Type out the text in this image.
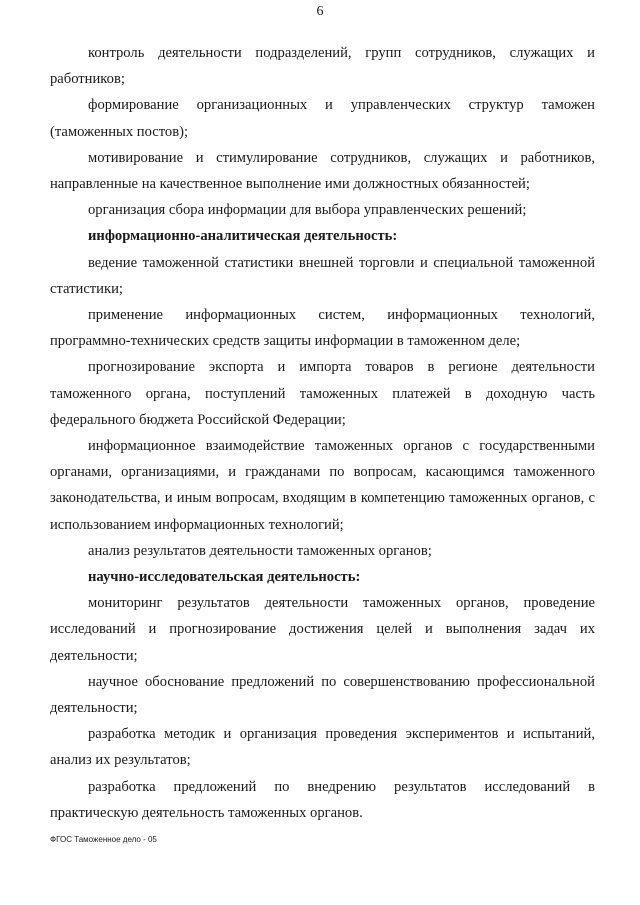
6

контроль деятельности подразделений, групп сотрудников, служащих и работников;

формирование организационных и управленческих структур таможен (таможенных постов);

мотивирование и стимулирование сотрудников, служащих и работников, направленные на качественное выполнение ими должностных обязанностей;

организация сбора информации для выбора управленческих решений;

информационно-аналитическая деятельность:

ведение таможенной статистики внешней торговли и специальной таможенной статистики;

применение информационных систем, информационных технологий, программно-технических средств защиты информации в таможенном деле;

прогнозирование экспорта и импорта товаров в регионе деятельности таможенного органа, поступлений таможенных платежей в доходную часть федерального бюджета Российской Федерации;

информационное взаимодействие таможенных органов с государственными органами, организациями, и гражданами по вопросам, касающимся таможенного законодательства, и иным вопросам, входящим в компетенцию таможенных органов, с использованием информационных технологий;

анализ результатов деятельности таможенных органов;

научно-исследовательская деятельность:

мониторинг результатов деятельности таможенных органов, проведение исследований и прогнозирование достижения целей и выполнения задач их деятельности;

научное обоснование предложений по совершенствованию профессиональной деятельности;

разработка методик и организация проведения экспериментов и испытаний, анализ их результатов;

разработка предложений по внедрению результатов исследований в практическую деятельность таможенных органов.

ФГОС Таможенное дело - 05
